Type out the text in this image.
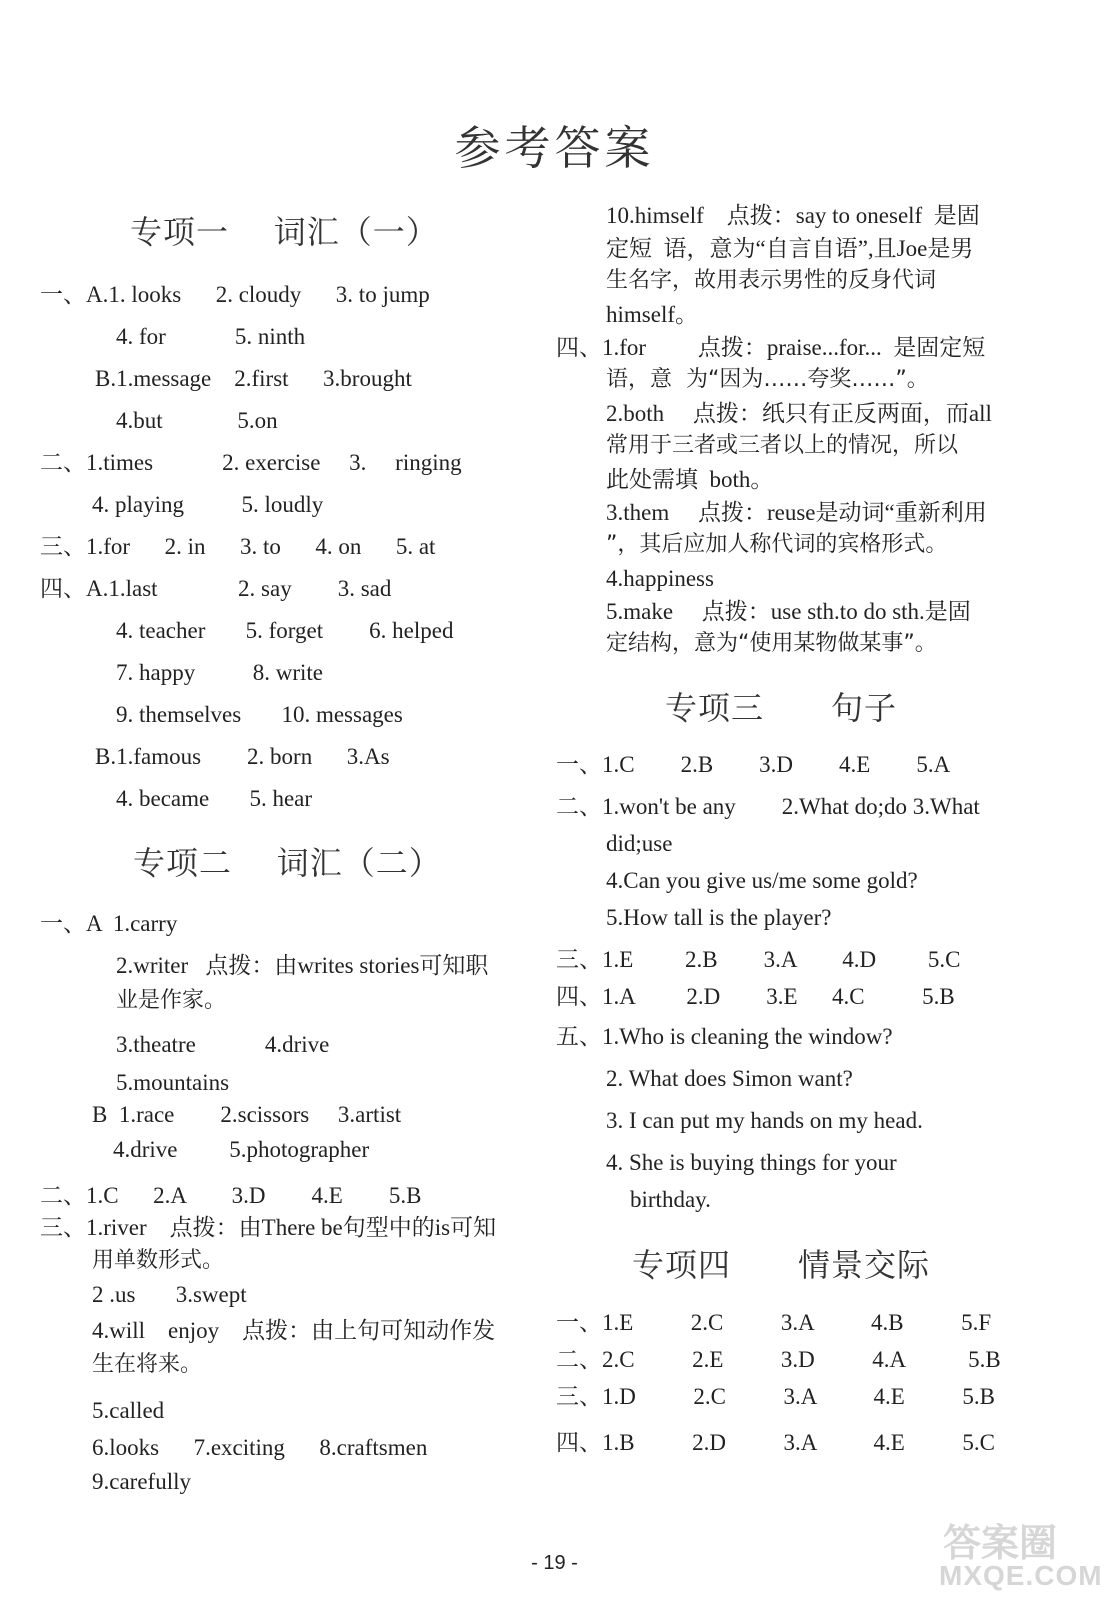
参考答案
专项一    词汇（一）
一、A.1. looks      2. cloudy      3. to jump
4. for            5. ninth
B.1.message    2.first      3.brought
4.but             5.on
二、1.times            2. exercise     3.     ringing
4. playing          5. loudly
三、1.for      2. in      3. to      4. on      5. at
四、A.1.last              2. say        3. sad
4. teacher       5. forget        6. helped
7. happy          8. write
9. themselves       10. messages
B.1.famous        2. born      3.As
4. became       5. hear
专项二    词汇（二）
一、A  1.carry
2.writer   点拨：由writes stories可知职
业是作家。
3.theatre            4.drive
5.mountains
B  1.race        2.scissors     3.artist
4.drive         5.photographer
二、1.C      2.A        3.D        4.E        5.B
三、1.river    点拨：由There be句型中的is可知
用单数形式。
2 .us       3.swept
4.will    enjoy    点拨：由上句可知动作发
生在将来。
5.called
6.looks      7.exciting      8.craftsmen
9.carefully
10.himself    点拨：say to oneself  是固
定短  语，意为“自言自语”,且Joe是男
生名字，故用表示男性的反身代词
himself。
四、1.for         点拨：praise...for...  是固定短
语，意  为“因为……夸奖……”。
2.both     点拨：纸只有正反两面，而all
常用于三者或三者以上的情况，所以
此处需填  both。
3.them     点拨：reuse是动词“重新利用
”，其后应加人称代词的宾格形式。
4.happiness
5.make     点拨：use sth.to do sth.是固
定结构，意为“使用某物做某事”。
专项三      句子
一、1.C        2.B        3.D        4.E        5.A
二、1.won't be any        2.What do;do 3.What
did;use
4.Can you give us/me some gold?
5.How tall is the player?
三、1.E         2.B        3.A        4.D         5.C
四、1.A         2.D        3.E      4.C          5.B
五、1.Who is cleaning the window?
2. What does Simon want?
3. I can put my hands on my head.
4. She is buying things for your
birthday.
专项四      情景交际
一、1.E          2.C          3.A          4.B          5.F
二、2.C          2.E          3.D          4.A           5.B
三、1.D          2.C          3.A          4.E          5.B
四、1.B          2.D          3.A          4.E          5.C
- 19 -	答案圈
MXQE.COM
